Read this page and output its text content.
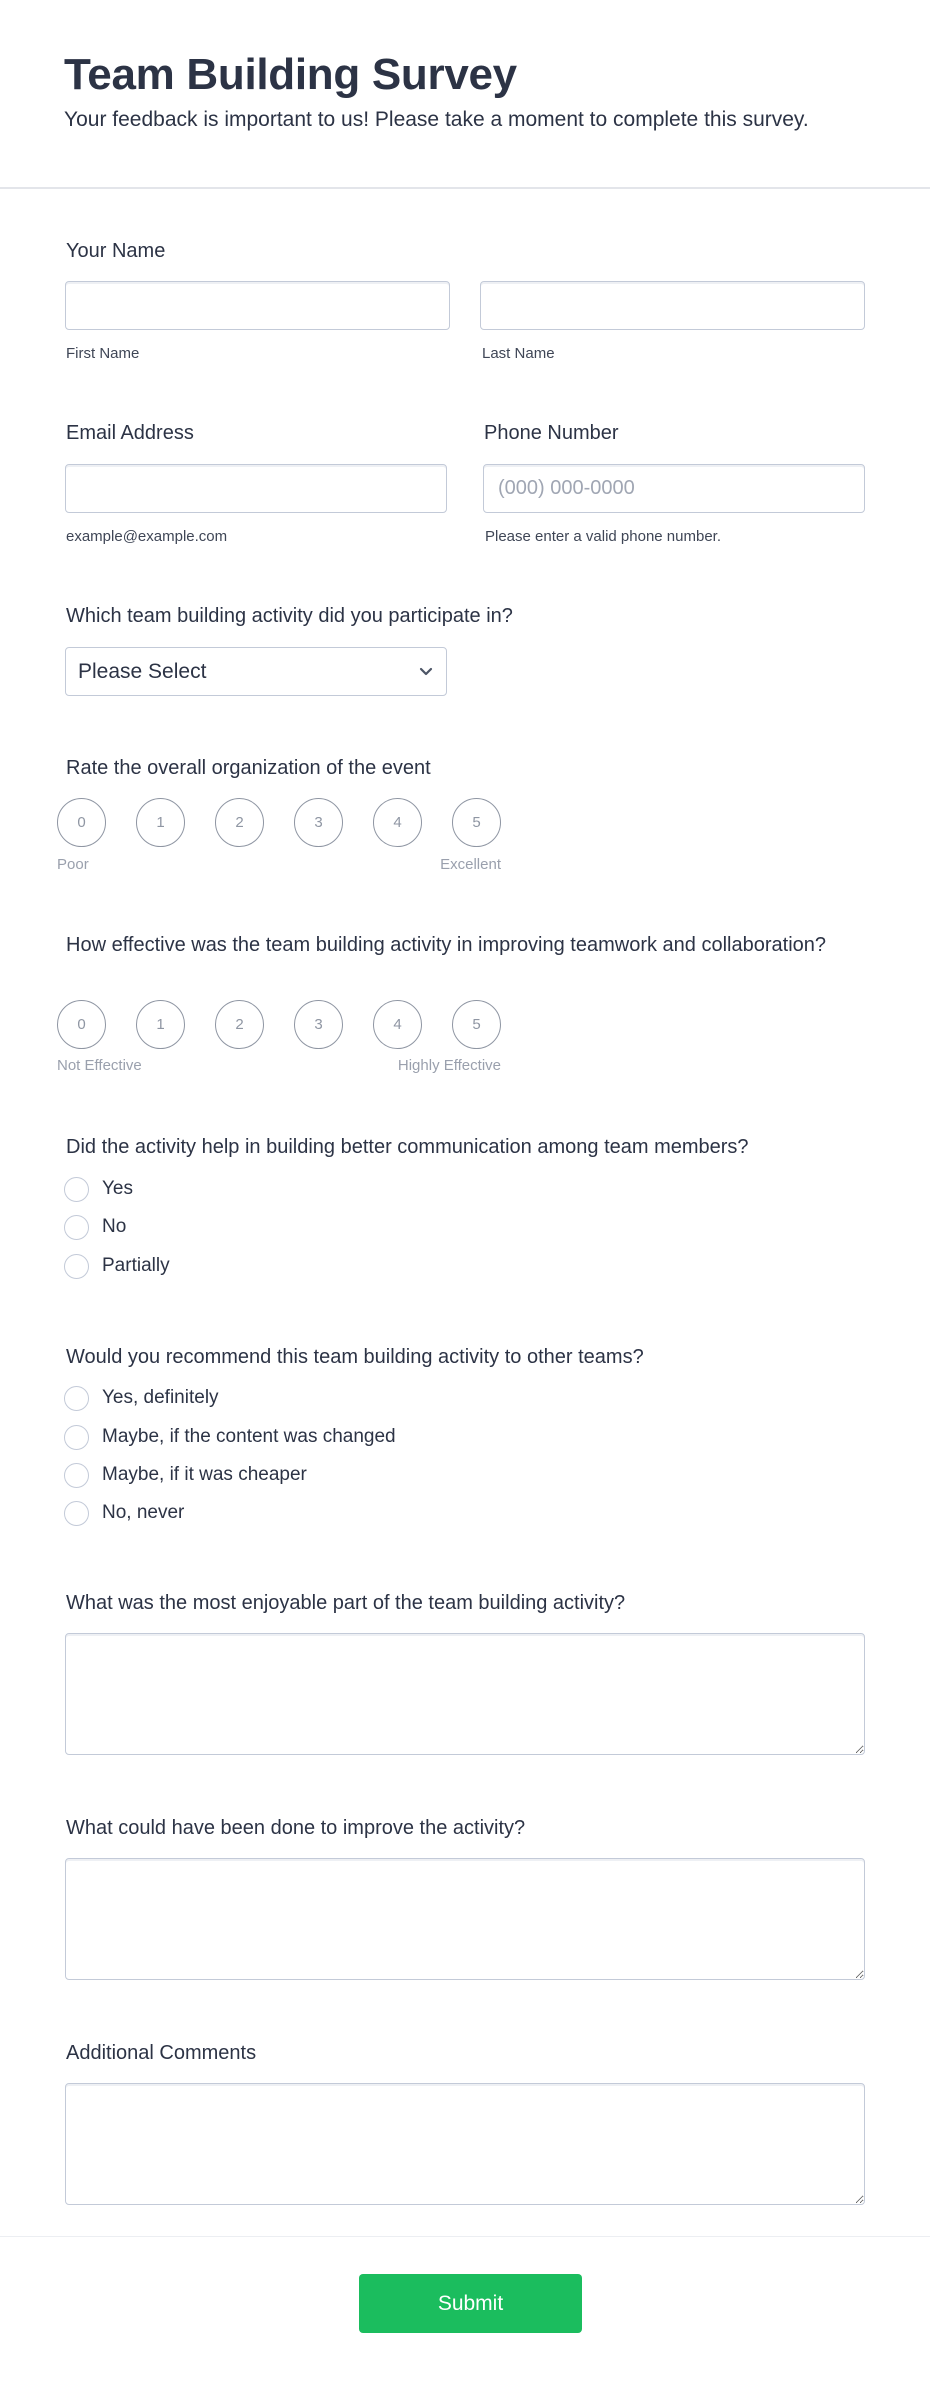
Team Building Survey
Your feedback is important to us! Please take a moment to complete this survey.
Your Name
First Name	Last Name
Email Address	Phone Number
(000) 000-0000
example@example.com	Please enter a valid phone number.
Which team building activity did you participate in?
Please Select
Rate the overall organization of the event
0	1	2	3	4	5
Poor	Excellent
How effective was the team building activity in improving teamwork and collaboration?
0	1	2	3	4	5
Not Effective	Highly Effective
Did the activity help in building better communication among team members?
Yes
No
Partially
Would you recommend this team building activity to other teams?
Yes, definitely
Maybe, if the content was changed
Maybe, if it was cheaper
No, never
What was the most enjoyable part of the team building activity?
What could have been done to improve the activity?
Additional Comments
Submit
